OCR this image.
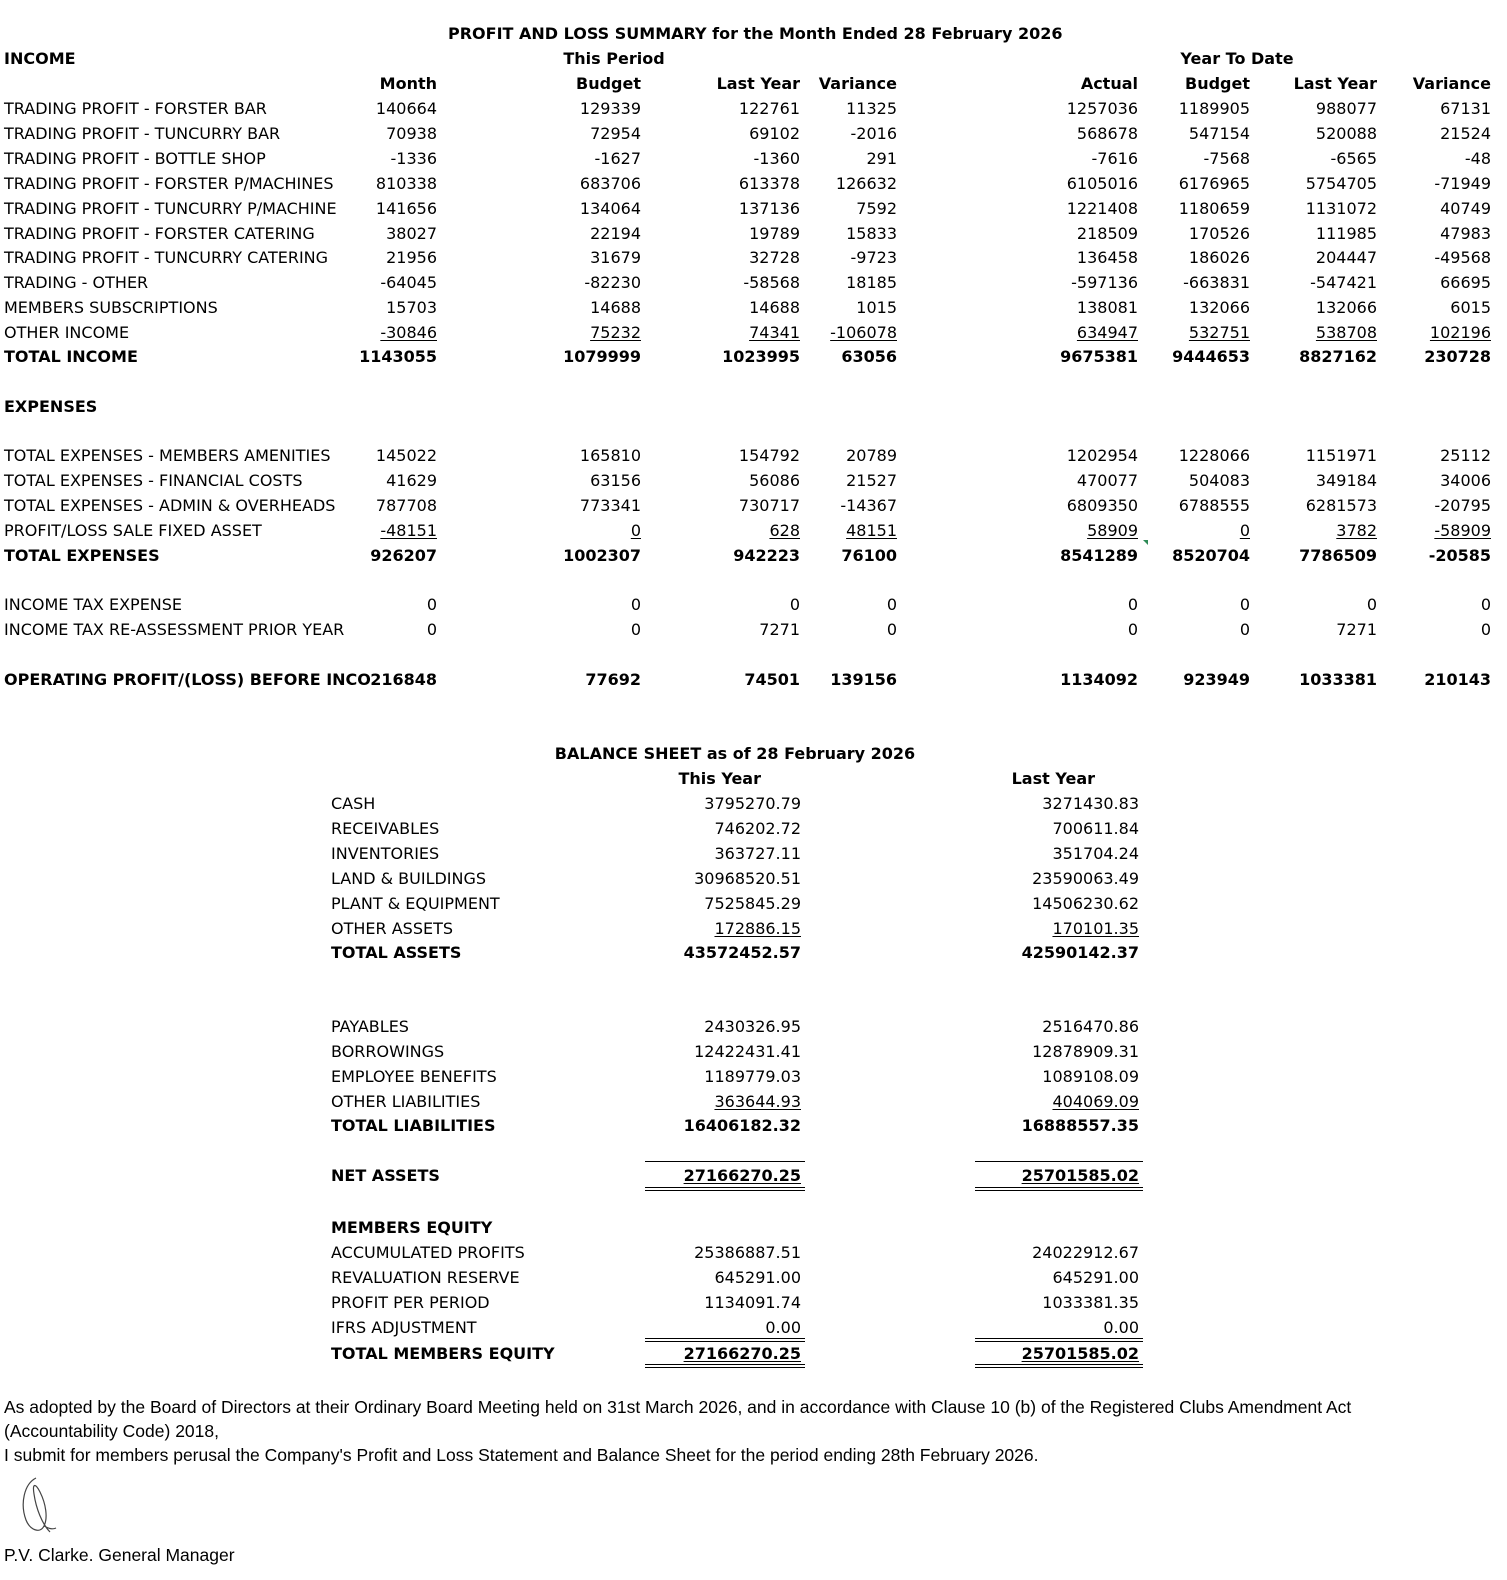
PROFIT AND LOSS SUMMARY for the Month Ended 28 February 2026
INCOME	This Period	Year To Date
Month	Budget	Last Year	Variance	Actual	Budget	Last Year	Variance
TRADING PROFIT - FORSTER BAR	140664	129339	122761	11325	1257036	1189905	988077	67131
TRADING PROFIT - TUNCURRY BAR	70938	72954	69102	-2016	568678	547154	520088	21524
TRADING PROFIT - BOTTLE SHOP	-1336	-1627	-1360	291	-7616	-7568	-6565	-48
TRADING PROFIT - FORSTER P/MACHINES	810338	683706	613378	126632	6105016	6176965	5754705	-71949
TRADING PROFIT - TUNCURRY P/MACHINE	141656	134064	137136	7592	1221408	1180659	1131072	40749
TRADING PROFIT - FORSTER CATERING	38027	22194	19789	15833	218509	170526	111985	47983
TRADING PROFIT - TUNCURRY CATERING	21956	31679	32728	-9723	136458	186026	204447	-49568
TRADING - OTHER	-64045	-82230	-58568	18185	-597136	-663831	-547421	66695
MEMBERS SUBSCRIPTIONS	15703	14688	14688	1015	138081	132066	132066	6015
OTHER INCOME	-30846	75232	74341	-106078	634947	532751	538708	102196
TOTAL INCOME	1143055	1079999	1023995	63056	9675381	9444653	8827162	230728
EXPENSES
TOTAL EXPENSES - MEMBERS AMENITIES	145022	165810	154792	20789	1202954	1228066	1151971	25112
TOTAL EXPENSES - FINANCIAL COSTS	41629	63156	56086	21527	470077	504083	349184	34006
TOTAL EXPENSES - ADMIN & OVERHEADS	787708	773341	730717	-14367	6809350	6788555	6281573	-20795
PROFIT/LOSS SALE FIXED ASSET	-48151	0	628	48151	58909	0	3782	-58909
TOTAL EXPENSES	926207	1002307	942223	76100	8541289	8520704	7786509	-20585
INCOME TAX EXPENSE	0	0	0	0	0	0	0	0
INCOME TAX RE-ASSESSMENT PRIOR YEAR	0	0	7271	0	0	0	7271	0
OPERATING PROFIT/(LOSS) BEFORE INCO 216848	77692	74501	139156	1134092	923949	1033381	210143
BALANCE SHEET as of 28 February 2026
This Year	Last Year
CASH	3795270.79	3271430.83
RECEIVABLES	746202.72	700611.84
INVENTORIES	363727.11	351704.24
LAND & BUILDINGS	30968520.51	23590063.49
PLANT & EQUIPMENT	7525845.29	14506230.62
OTHER ASSETS	172886.15	170101.35
TOTAL ASSETS	43572452.57	42590142.37
PAYABLES	2430326.95	2516470.86
BORROWINGS	12422431.41	12878909.31
EMPLOYEE BENEFITS	1189779.03	1089108.09
OTHER LIABILITIES	363644.93	404069.09
TOTAL LIABILITIES	16406182.32	16888557.35
NET ASSETS	27166270.25	25701585.02
MEMBERS EQUITY
ACCUMULATED PROFITS	25386887.51	24022912.67
REVALUATION RESERVE	645291.00	645291.00
PROFIT PER PERIOD	1134091.74	1033381.35
IFRS ADJUSTMENT	0.00	0.00
TOTAL MEMBERS EQUITY	27166270.25	25701585.02
As adopted by the Board of Directors at their Ordinary Board Meeting held on 31st March 2026, and in accordance with Clause 10 (b) of the Registered Clubs Amendment Act
(Accountability Code) 2018,
I submit for members perusal the Company's Profit and Loss Statement and Balance Sheet for the period ending 28th February 2026.
P.V. Clarke. General Manager
